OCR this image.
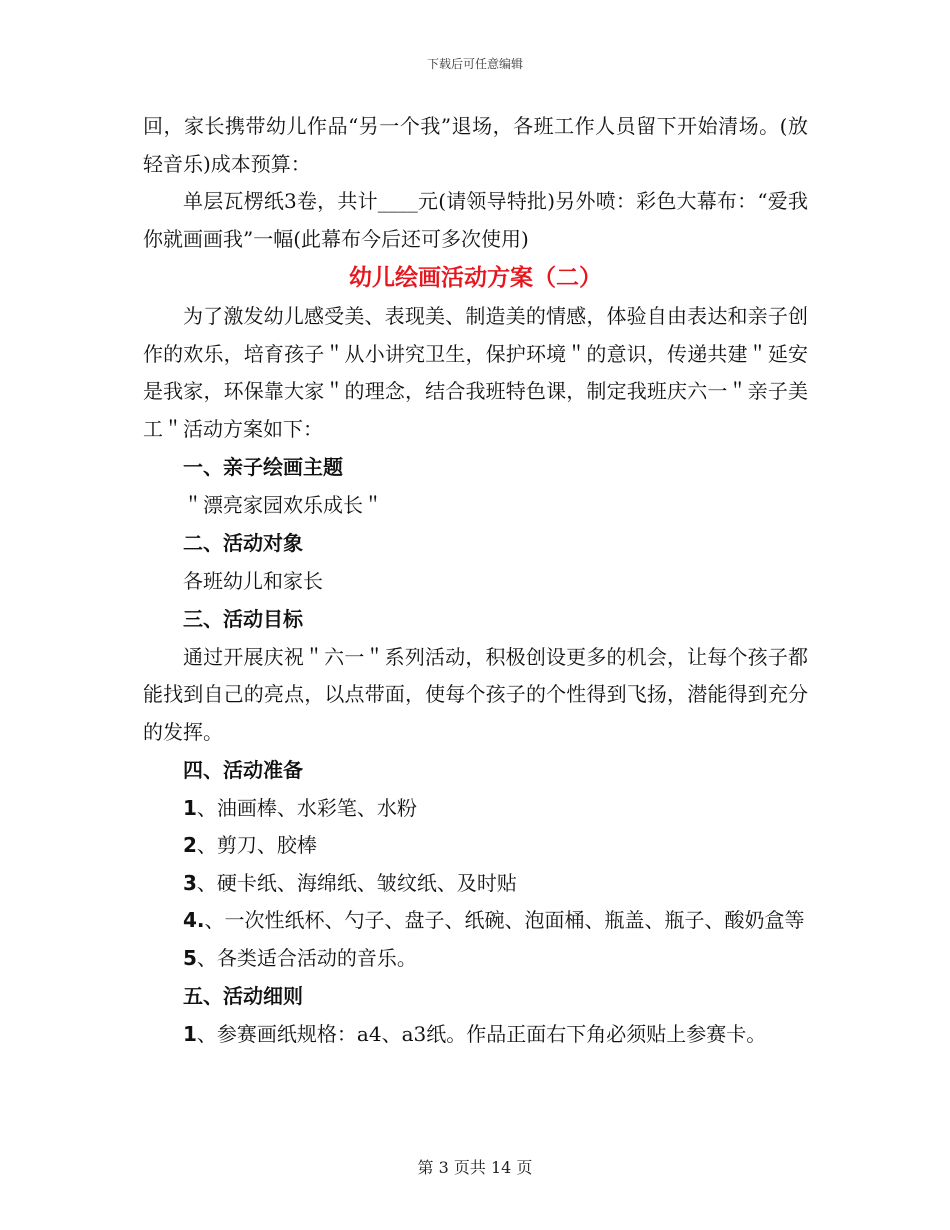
下载后可任意编辑

回，家长携带幼儿作品“另一个我”退场，各班工作人员留下开始清场。(放轻音乐)成本预算：

单层瓦楞纸3卷，共计____元(请领导特批)另外喷：彩色大幕布：“爱我你就画画我”一幅(此幕布今后还可多次使用)

幼儿绘画活动方案（二）

为了激发幼儿感受美、表现美、制造美的情感，体验自由表达和亲子创作的欢乐，培育孩子＂从小讲究卫生，保护环境＂的意识，传递共建＂延安是我家，环保靠大家＂的理念，结合我班特色课，制定我班庆六一＂亲子美工＂活动方案如下：

一、亲子绘画主题

＂漂亮家园欢乐成长＂

二、活动对象

各班幼儿和家长

三、活动目标

通过开展庆祝＂六一＂系列活动，积极创设更多的机会，让每个孩子都能找到自己的亮点，以点带面，使每个孩子的个性得到飞扬，潜能得到充分的发挥。

四、活动准备

1、油画棒、水彩笔、水粉

2、剪刀、胶棒

3、硬卡纸、海绵纸、皱纹纸、及时贴

4.、一次性纸杯、勺子、盘子、纸碗、泡面桶、瓶盖、瓶子、酸奶盒等

5、各类适合活动的音乐。

五、活动细则

1、参赛画纸规格：a4、a3纸。作品正面右下角必须贴上参赛卡。

第 3 页共 14 页
